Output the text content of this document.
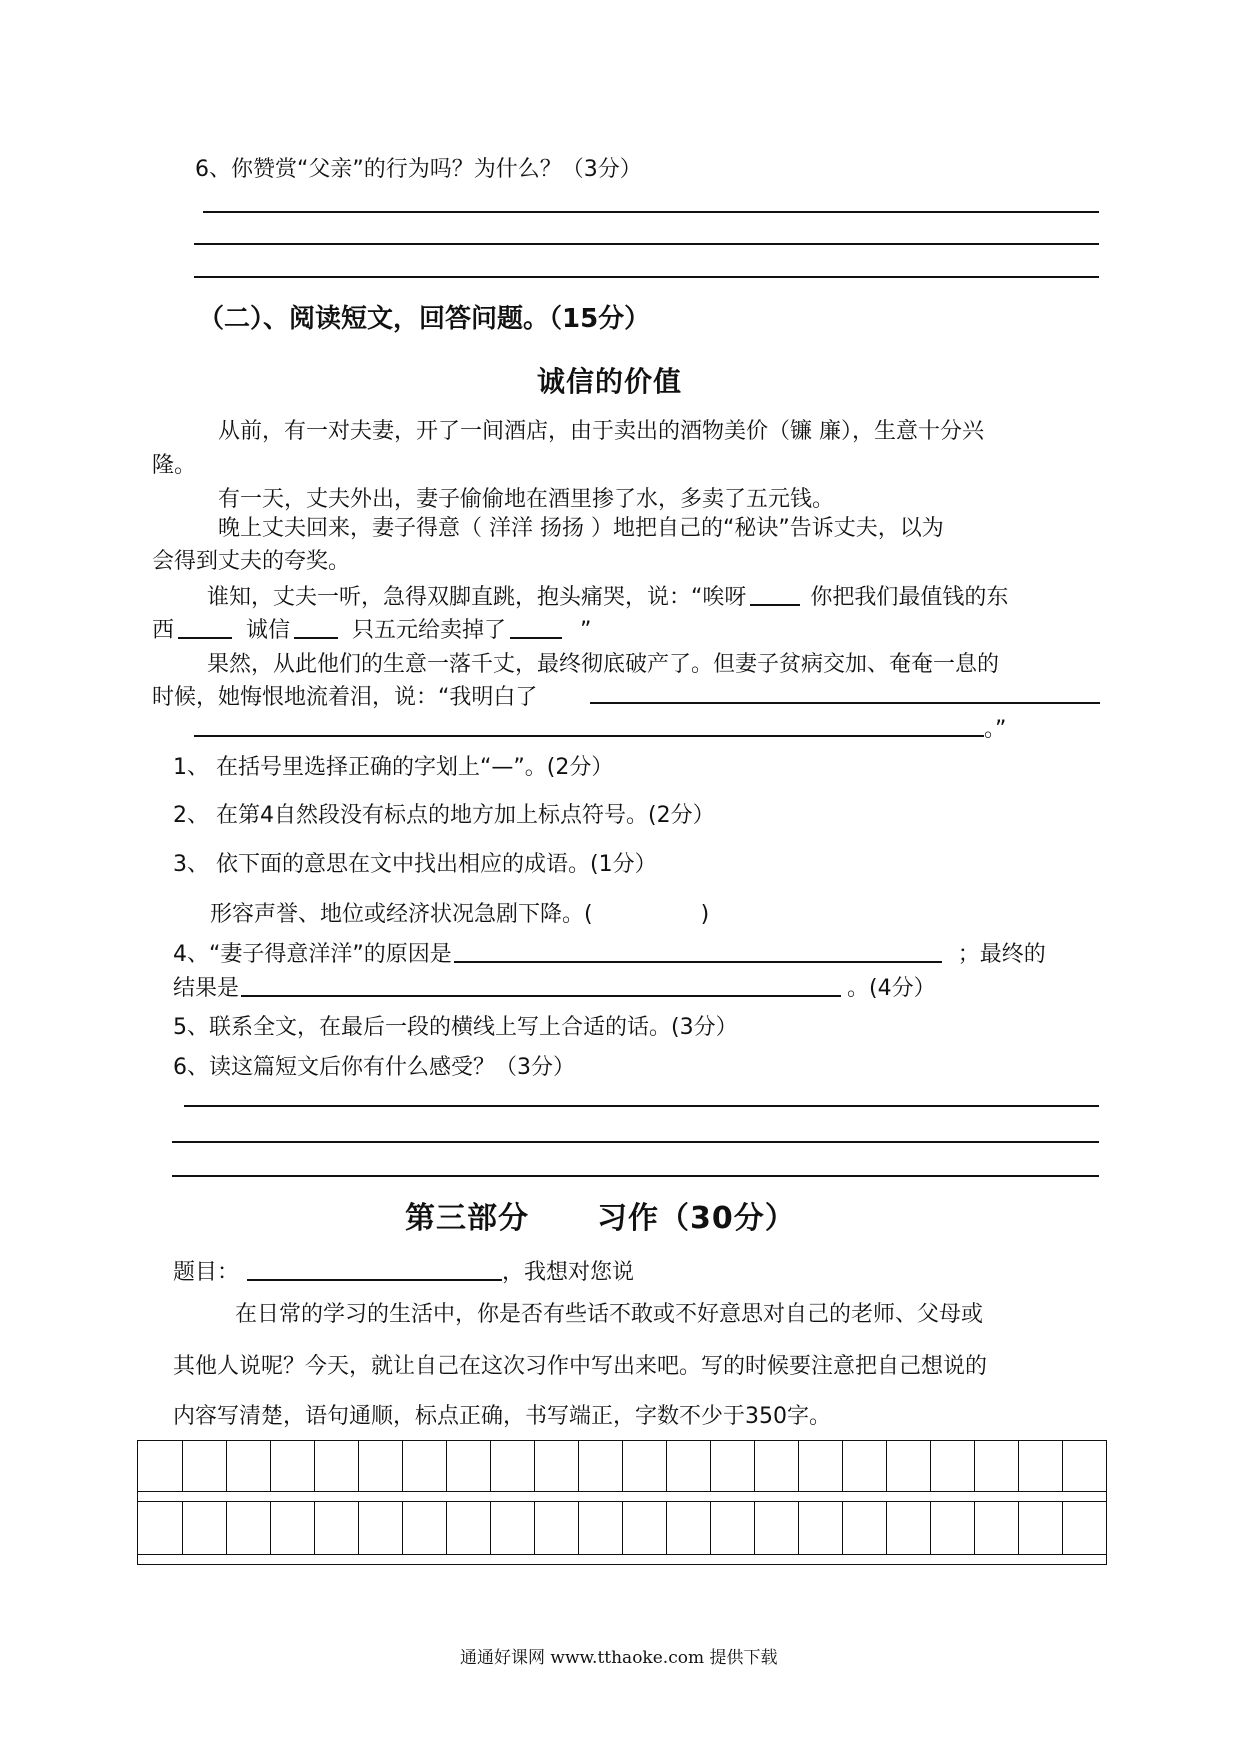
6、你赞赏“父亲”的行为吗？为什么？（3分）
（二）、阅读短文，回答问题。（15分）
诚信的价值
从前，有一对夫妻，开了一间酒店，由于卖出的酒物美价（镰 廉），生意十分兴
隆。
有一天，丈夫外出，妻子偷偷地在酒里掺了水，多卖了五元钱。
晚上丈夫回来，妻子得意（ 洋洋 扬扬 ）地把自己的“秘诀”告诉丈夫，以为
会得到丈夫的夸奖。
谁知，丈夫一听，急得双脚直跳，抱头痛哭，说：“唉呀	你把我们最值钱的东
西	诚信	只五元给卖掉了	”
果然，从此他们的生意一落千丈，最终彻底破产了。但妻子贫病交加、奄奄一息的
时候，她悔恨地流着泪，说：“我明白了
。”
1、 在括号里选择正确的字划上“—”。(2分）
2、 在第4自然段没有标点的地方加上标点符号。(2分）
3、 依下面的意思在文中找出相应的成语。(1分）
形容声誉、地位或经济状况急剧下降。(	)
4、“妻子得意洋洋”的原因是	；最终的
结果是	。(4分）
5、联系全文，在最后一段的横线上写上合适的话。(3分）
6、读这篇短文后你有什么感受？（3分）
第三部分 习作（30分）
题目：	，我想对您说
在日常的学习的生活中，你是否有些话不敢或不好意思对自己的老师、父母或
其他人说呢？今天，就让自己在这次习作中写出来吧。写的时候要注意把自己想说的
内容写清楚，语句通顺，标点正确，书写端正，字数不少于350字。

通通好课网 www.tthaoke.com 提供下载
